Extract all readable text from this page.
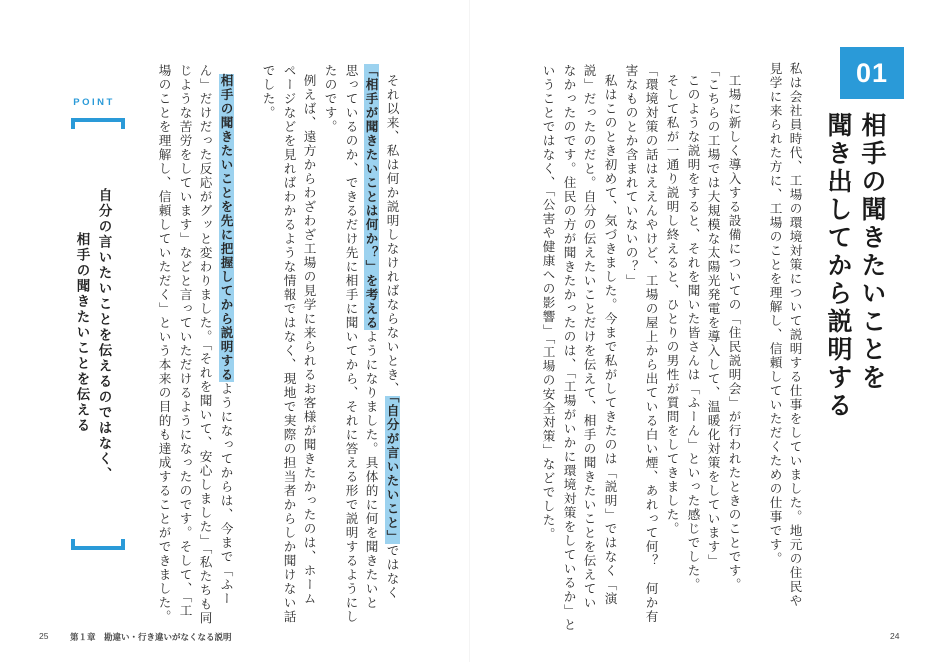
01
相手の聞きたいことを
聞き出してから説明する
私は会社員時代、工場の環境対策について説明する仕事をしていました。地元の住民や
見学に来られた方に、工場のことを理解し、信頼していただくための仕事です。
工場に新しく導入する設備についての「住民説明会」が行われたときのことです。
「こちらの工場では大規模な太陽光発電を導入して、温暖化対策をしています」
このような説明をすると、それを聞いた皆さんは「ふーん」といった感じでした。
そして私が一通り説明し終えると、ひとりの男性が質問をしてきました。
「環境対策の話はええんやけど、工場の屋上から出ている白い煙、あれって何？　何か有
害なものとか含まれていないの？」
私はこのとき初めて、気づきました。今まで私がしてきたのは「説明」ではなく「演
説」だったのだと。自分の伝えたいことだけを伝えて、相手の聞きたいことを伝えてい
なかったのです。住民の方が聞きたかったのは、「工場がいかに環境対策をしているか」と
いうことではなく、「公害や健康への影響」「工場の安全対策」などでした。
それ以来、私は何か説明しなければならないとき、「自分が言いたいこと」ではなく
「相手が聞きたいことは何か？」を考えるようになりました。具体的に何を聞きたいと
思っているのか、できるだけ先に相手に聞いてから、それに答える形で説明するようにし
たのです。
例えば、遠方からわざわざ工場の見学に来られるお客様が聞きたかったのは、ホーム
ページなどを見ればわかるような情報ではなく、現地で実際の担当者からしか聞けない話
でした。
相手の聞きたいことを先に把握してから説明するようになってからは、今まで「ふー
ん」だけだった反応がグッと変わりました。「それを聞いて、安心しました」「私たちも同
じような苦労をしています」などと言っていただけるようになったのです。そして、「工
場のことを理解し、信頼していただく」という本来の目的も達成することができました。
POINT
自分の言いたいことを伝えるのではなく、
相手の聞きたいことを伝える
25	第１章　勘違い・行き違いがなくなる説明	24
